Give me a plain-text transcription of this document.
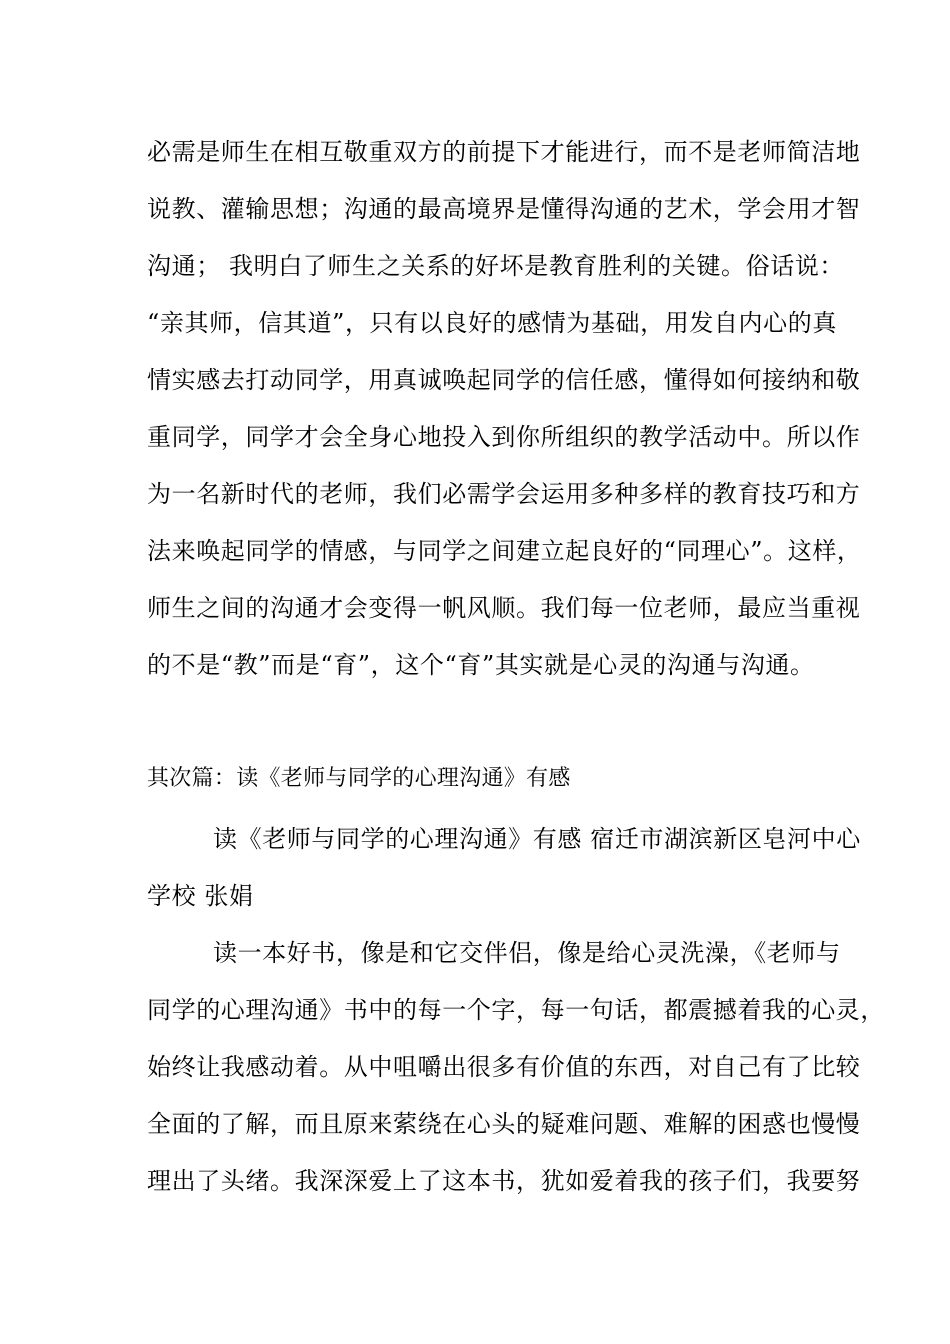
必需是师生在相互敬重双方的前提下才能进行，而不是老师简洁地
说教、灌输思想；沟通的最高境界是懂得沟通的艺术，学会用才智
沟通； 我明白了师生之关系的好坏是教育胜利的关键。俗话说：
“亲其师，信其道”，只有以良好的感情为基础，用发自内心的真
情实感去打动同学，用真诚唤起同学的信任感，懂得如何接纳和敬
重同学，同学才会全身心地投入到你所组织的教学活动中。所以作
为一名新时代的老师，我们必需学会运用多种多样的教育技巧和方
法来唤起同学的情感，与同学之间建立起良好的“同理心”。这样，
师生之间的沟通才会变得一帆风顺。我们每一位老师，最应当重视
的不是“教”而是“育”，这个“育”其实就是心灵的沟通与沟通。
其次篇：读《老师与同学的心理沟通》有感
读《老师与同学的心理沟通》有感 宿迁市湖滨新区皂河中心
学校 张娟
读一本好书，像是和它交伴侣，像是给心灵洗澡，《老师与
同学的心理沟通》书中的每一个字，每一句话，都震撼着我的心灵，
始终让我感动着。从中咀嚼出很多有价值的东西，对自己有了比较
全面的了解，而且原来萦绕在心头的疑难问题、难解的困惑也慢慢
理出了头绪。我深深爱上了这本书，犹如爱着我的孩子们，我要努
